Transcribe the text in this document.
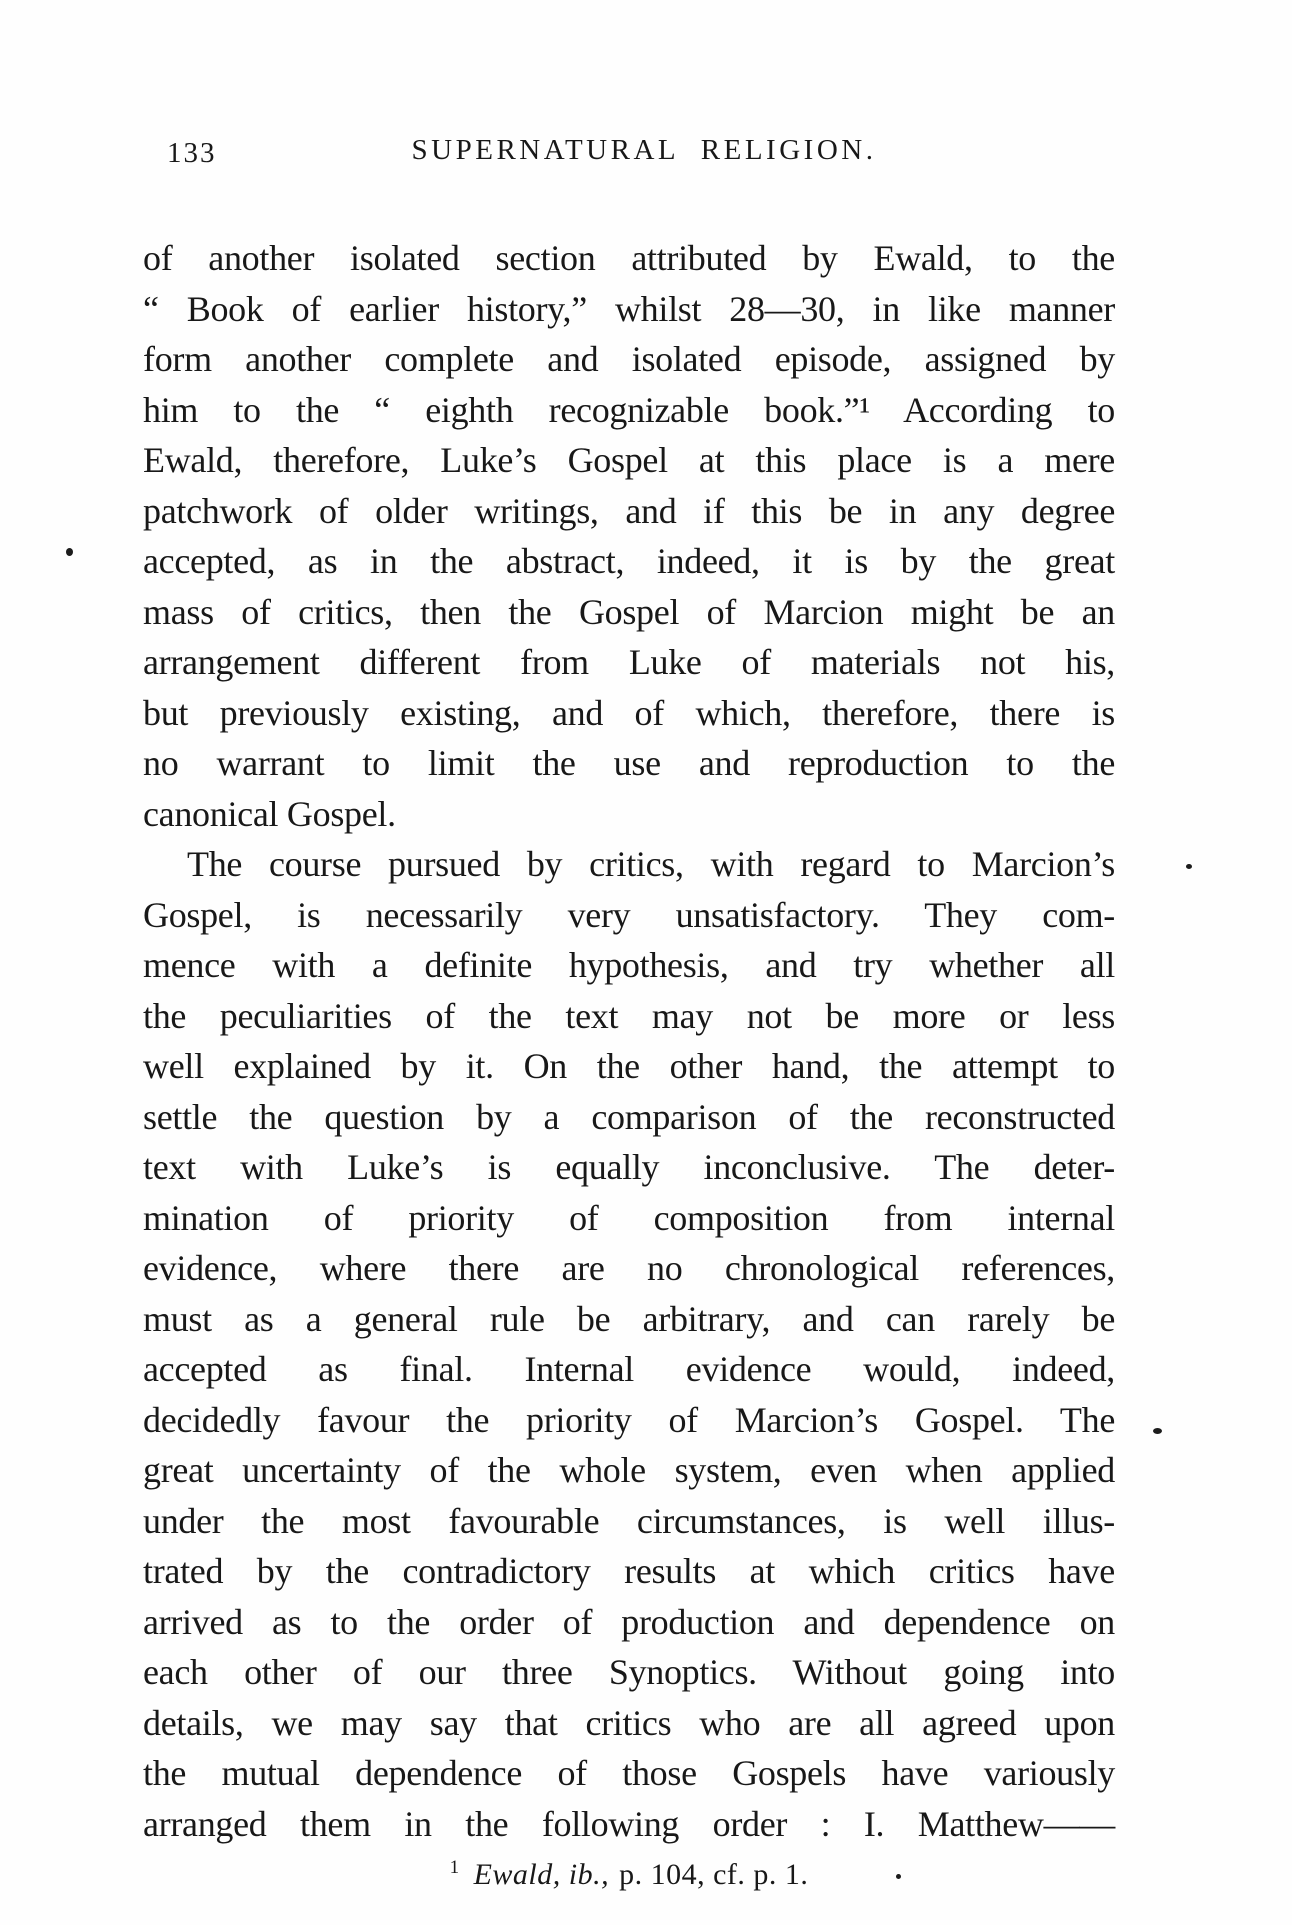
133	SUPERNATURAL RELIGION.
of another isolated section attributed by Ewald, to the
“ Book of earlier history,” whilst 28—30, in like manner
form another complete and isolated episode, assigned by
him to the “ eighth recognizable book.”¹ According to
Ewald, therefore, Luke’s Gospel at this place is a mere
patchwork of older writings, and if this be in any degree
accepted, as in the abstract, indeed, it is by the great
mass of critics, then the Gospel of Marcion might be an
arrangement different from Luke of materials not his,
but previously existing, and of which, therefore, there is
no warrant to limit the use and reproduction to the
canonical Gospel.
The course pursued by critics, with regard to Marcion’s
Gospel, is necessarily very unsatisfactory. They com-
mence with a definite hypothesis, and try whether all
the peculiarities of the text may not be more or less
well explained by it. On the other hand, the attempt to
settle the question by a comparison of the reconstructed
text with Luke’s is equally inconclusive. The deter-
mination of priority of composition from internal
evidence, where there are no chronological references,
must as a general rule be arbitrary, and can rarely be
accepted as final. Internal evidence would, indeed,
decidedly favour the priority of Marcion’s Gospel. The
great uncertainty of the whole system, even when applied
under the most favourable circumstances, is well illus-
trated by the contradictory results at which critics have
arrived as to the order of production and dependence on
each other of our three Synoptics. Without going into
details, we may say that critics who are all agreed upon
the mutual dependence of those Gospels have variously
arranged them in the following order : I. Matthew——
$^1$ Ewald, ib., p. 104, cf. p. 1.
